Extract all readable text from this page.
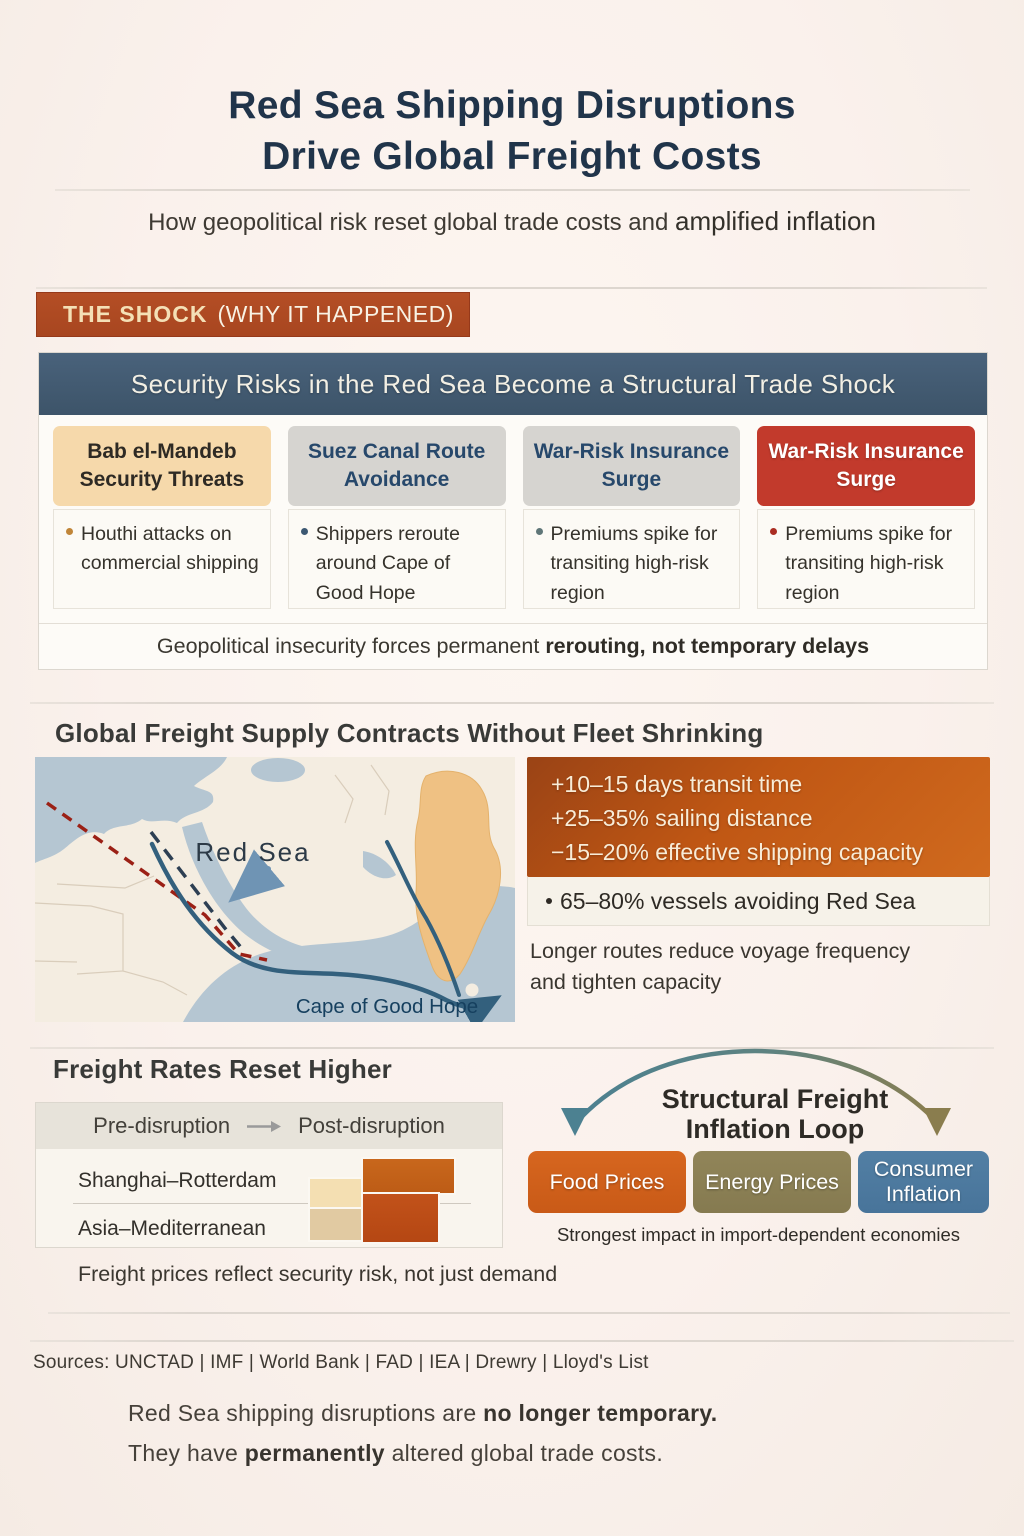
Red Sea Shipping Disruptions
Drive Global Freight Costs
How geopolitical risk reset global trade costs and amplified inflation
THE SHOCK (WHY IT HAPPENED)
Security Risks in the Red Sea Become a Structural Trade Shock
Bab el-Mandeb Security Threats
Houthi attacks on commercial shipping
Suez Canal Route Avoidance
Shippers reroute around Cape of Good Hope
War-Risk Insurance Surge
Premiums spike for transiting high-risk region
War-Risk Insurance Surge
Premiums spike for transiting high-risk region
Geopolitical insecurity forces permanent rerouting, not temporary delays
Global Freight Supply Contracts Without Fleet Shrinking
Red Sea
Cape of Good Hope
+10–15 days transit time
+25–35% sailing distance
−15–20% effective shipping capacity
65–80% vessels avoiding Red Sea
Longer routes reduce voyage frequency
and tighten capacity
Freight Rates Reset Higher
Pre-disruption	Post-disruption
Shanghai–Rotterdam
Asia–Mediterranean
Freight prices reflect security risk, not just demand
Structural Freight
Inflation Loop
Food Prices	Energy Prices
Consumer Inflation
Strongest impact in import-dependent economies
Sources: UNCTAD | IMF | World Bank | FAD | IEA | Drewry | Lloyd's List
Red Sea shipping disruptions are no longer temporary.
They have permanently altered global trade costs.
